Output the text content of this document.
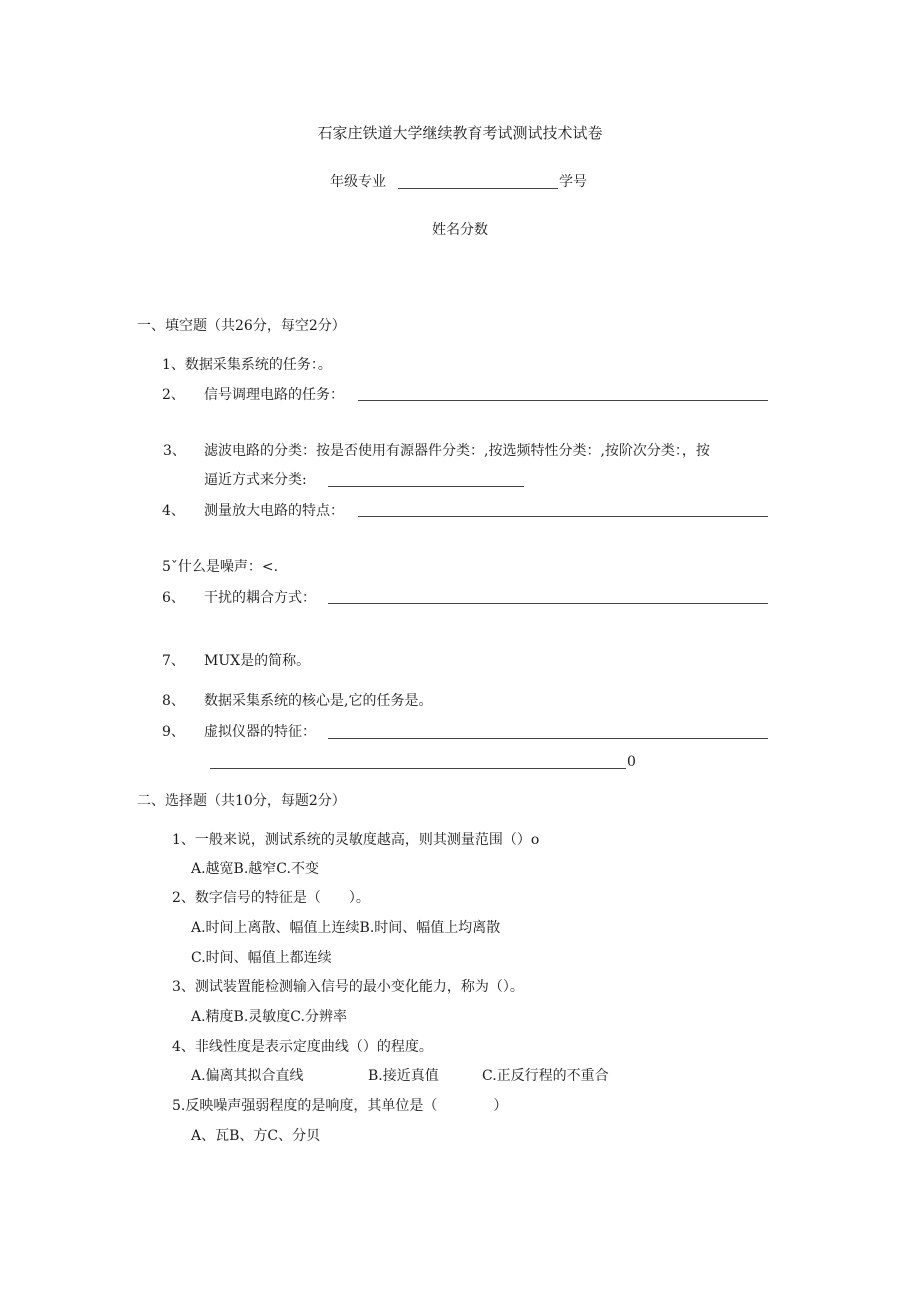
石家庄铁道大学继续教育考试测试技术试卷
年级专业	学号
姓名分数
一、填空题（共26分，每空2分）
1、数据采集系统的任务：。
2、 信号调理电路的任务：
3、 滤波电路的分类：按是否使用有源器件分类：,按选频特性分类：,按阶次分类：，按
逼近方式来分类:
4、 测量放大电路的特点：
5ˇ什么是噪声：<.
6、 干扰的耦合方式：
7、 MUX是的简称。
8、 数据采集系统的核心是,它的任务是。
9、 虚拟仪器的特征：
0
二、选择题（共10分，每题2分）
1、一般来说，测试系统的灵敏度越高，则其测量范围（）o
A.越宽B.越窄C.不变
2、数字信号的特征是（　　）。
A.时间上离散、幅值上连续B.时间、幅值上均离散
C.时间、幅值上都连续
3、测试装置能检测输入信号的最小变化能力，称为（）。
A.精度B.灵敏度C.分辨率
4、非线性度是表示定度曲线（）的程度。
A.偏离其拟合直线	B.接近真值	C.正反行程的不重合
5.反映噪声强弱程度的是响度，其单位是（　　　　）
A、瓦B、方C、分贝
